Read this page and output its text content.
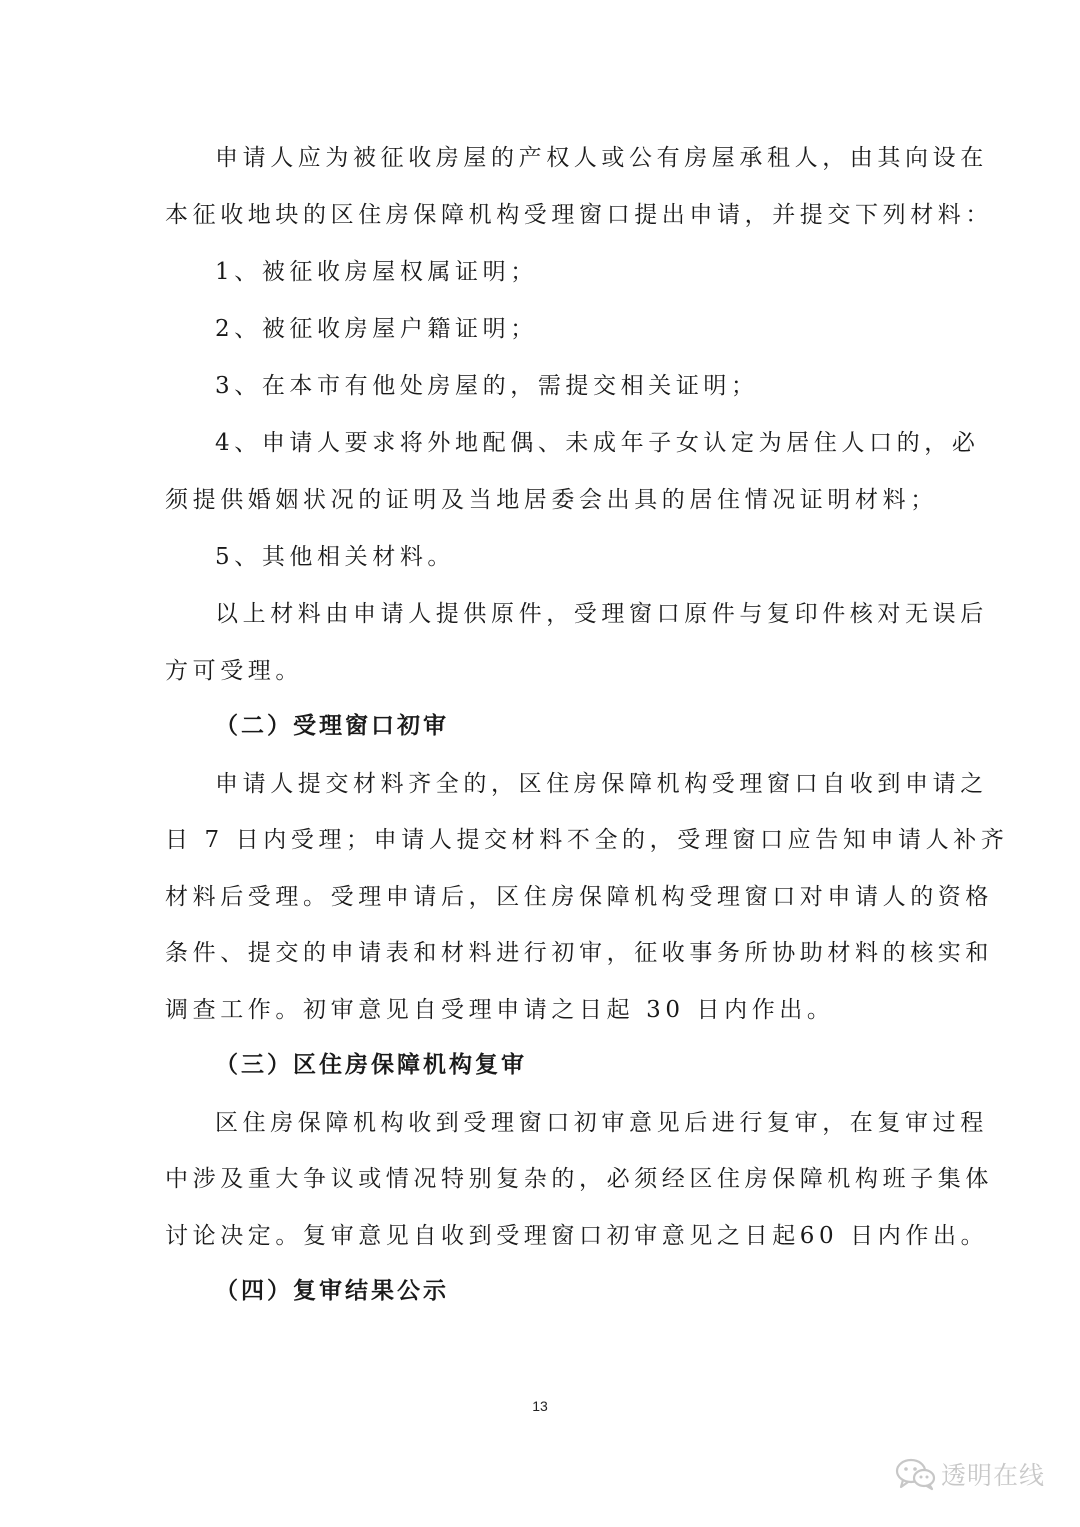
申请人应为被征收房屋的产权人或公有房屋承租人，由其向设在
本征收地块的区住房保障机构受理窗口提出申请，并提交下列材料：
1、被征收房屋权属证明；
2、被征收房屋户籍证明；
3、在本市有他处房屋的，需提交相关证明；
4、申请人要求将外地配偶、未成年子女认定为居住人口的，必
须提供婚姻状况的证明及当地居委会出具的居住情况证明材料；
5、其他相关材料。
以上材料由申请人提供原件，受理窗口原件与复印件核对无误后
方可受理。
（二）受理窗口初审
申请人提交材料齐全的，区住房保障机构受理窗口自收到申请之
日 7 日内受理；申请人提交材料不全的，受理窗口应告知申请人补齐
材料后受理。受理申请后，区住房保障机构受理窗口对申请人的资格
条件、提交的申请表和材料进行初审，征收事务所协助材料的核实和
调查工作。初审意见自受理申请之日起 30 日内作出。
（三）区住房保障机构复审
区住房保障机构收到受理窗口初审意见后进行复审，在复审过程
中涉及重大争议或情况特别复杂的，必须经区住房保障机构班子集体
讨论决定。复审意见自收到受理窗口初审意见之日起60 日内作出。
（四）复审结果公示
13
透明在线
